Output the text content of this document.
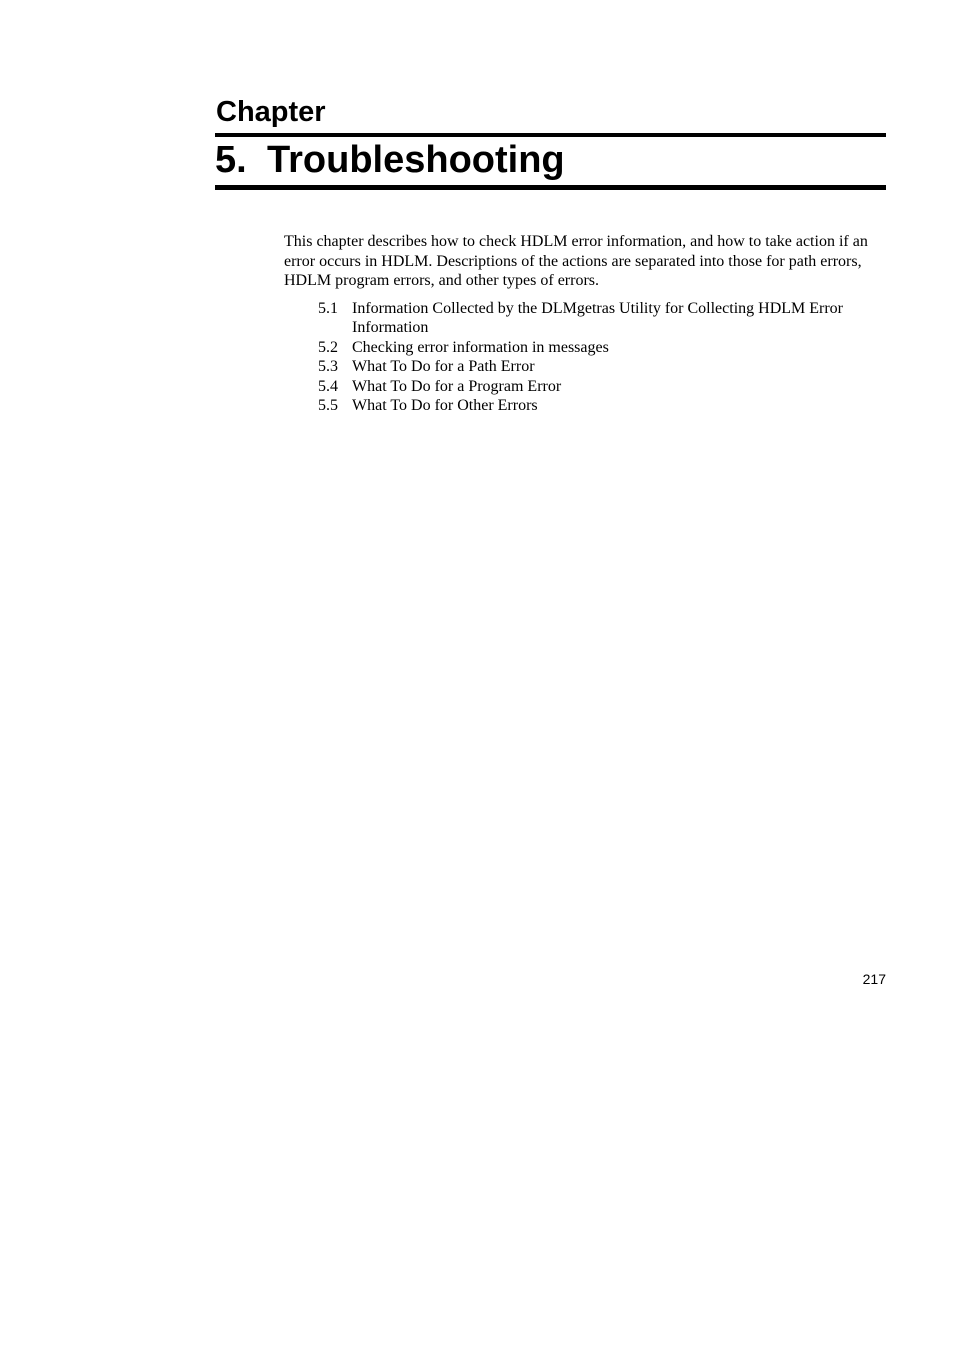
Chapter
5. Troubleshooting

This chapter describes how to check HDLM error information, and how to take action if an error occurs in HDLM. Descriptions of the actions are separated into those for path errors, HDLM program errors, and other types of errors.

5.1 Information Collected by the DLMgetras Utility for Collecting HDLM Error Information
5.2 Checking error information in messages
5.3 What To Do for a Path Error
5.4 What To Do for a Program Error
5.5 What To Do for Other Errors

217
